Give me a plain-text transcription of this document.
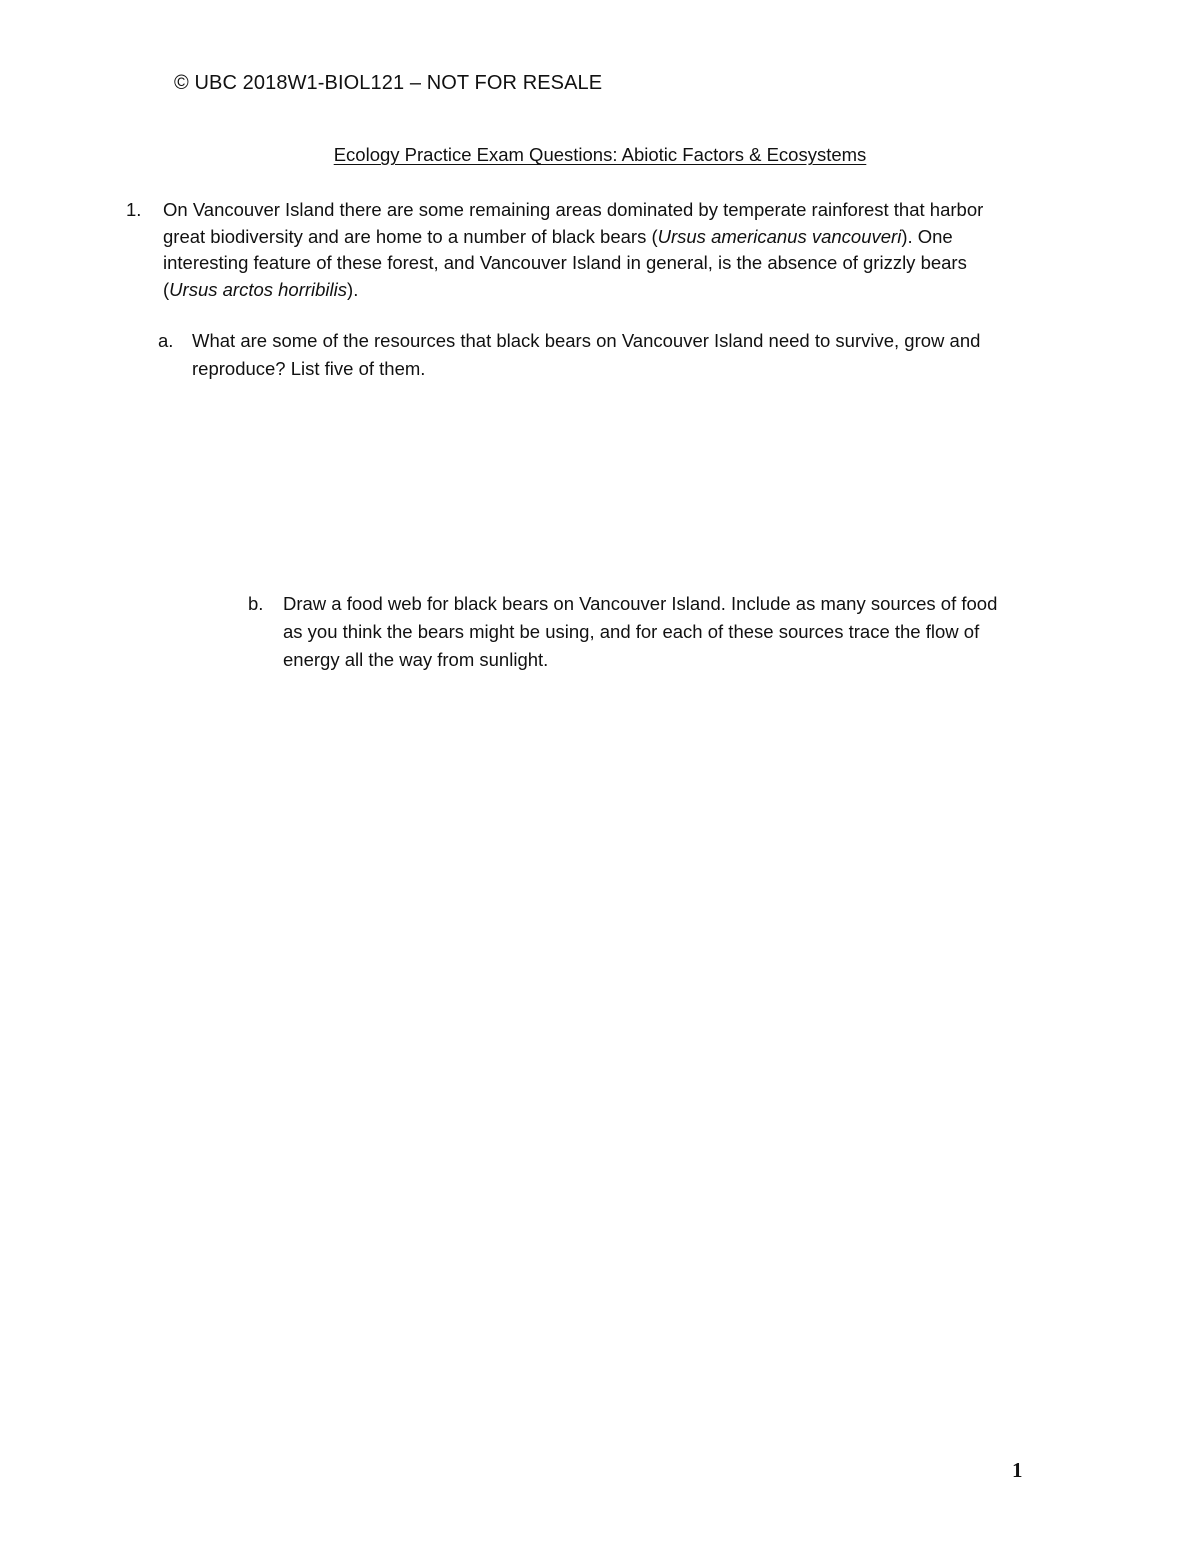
© UBC 2018W1-BIOL121 – NOT FOR RESALE
Ecology Practice Exam Questions: Abiotic Factors & Ecosystems
1. On Vancouver Island there are some remaining areas dominated by temperate rainforest that harbor great biodiversity and are home to a number of black bears (Ursus americanus vancouveri). One interesting feature of these forest, and Vancouver Island in general, is the absence of grizzly bears (Ursus arctos horribilis).
a. What are some of the resources that black bears on Vancouver Island need to survive, grow and reproduce? List five of them.
b. Draw a food web for black bears on Vancouver Island. Include as many sources of food as you think the bears might be using, and for each of these sources trace the flow of energy all the way from sunlight.
1
